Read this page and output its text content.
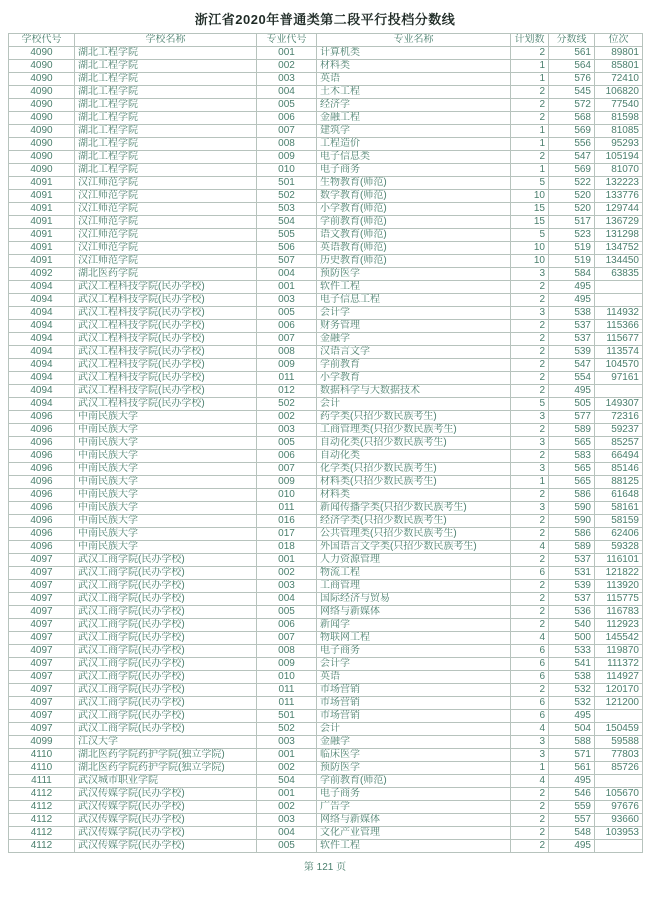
浙江省2020年普通类第二段平行投档分数线
学校代号	学校名称	专业代号	专业名称	计划数	分数线	位次
4090	湖北工程学院	001	计算机类	2	561	89801
4090	湖北工程学院	002	材料类	1	564	85801
4090	湖北工程学院	003	英语	1	576	72410
4090	湖北工程学院	004	土木工程	2	545	106820
4090	湖北工程学院	005	经济学	2	572	77540
4090	湖北工程学院	006	金融工程	2	568	81598
4090	湖北工程学院	007	建筑学	1	569	81085
4090	湖北工程学院	008	工程造价	1	556	95293
4090	湖北工程学院	009	电子信息类	2	547	105194
4090	湖北工程学院	010	电子商务	1	569	81070
4091	汉江师范学院	501	生物教育(师范)	5	522	132223
4091	汉江师范学院	502	数学教育(师范)	10	520	133776
4091	汉江师范学院	503	小学教育(师范)	15	520	129744
4091	汉江师范学院	504	学前教育(师范)	15	517	136729
4091	汉江师范学院	505	语文教育(师范)	5	523	131298
4091	汉江师范学院	506	英语教育(师范)	10	519	134752
4091	汉江师范学院	507	历史教育(师范)	10	519	134450
4092	湖北医药学院	004	预防医学	3	584	63835
4094	武汉工程科技学院(民办学校)	001	软件工程	2	495	
4094	武汉工程科技学院(民办学校)	003	电子信息工程	2	495	
4094	武汉工程科技学院(民办学校)	005	会计学	3	538	114932
4094	武汉工程科技学院(民办学校)	006	财务管理	2	537	115366
4094	武汉工程科技学院(民办学校)	007	金融学	2	537	115677
4094	武汉工程科技学院(民办学校)	008	汉语言文学	2	539	113574
4094	武汉工程科技学院(民办学校)	009	学前教育	2	547	104570
4094	武汉工程科技学院(民办学校)	011	小学教育	2	554	97161
4094	武汉工程科技学院(民办学校)	012	数据科学与大数据技术	2	495	
4094	武汉工程科技学院(民办学校)	502	会计	5	505	149307
4096	中南民族大学	002	药学类(只招少数民族考生)	3	577	72316
4096	中南民族大学	003	工商管理类(只招少数民族考生)	2	589	59237
4096	中南民族大学	005	自动化类(只招少数民族考生)	3	565	85257
4096	中南民族大学	006	自动化类	2	583	66494
4096	中南民族大学	007	化学类(只招少数民族考生)	3	565	85146
4096	中南民族大学	009	材料类(只招少数民族考生)	1	565	88125
4096	中南民族大学	010	材料类	2	586	61648
4096	中南民族大学	011	新闻传播学类(只招少数民族考生)	3	590	58161
4096	中南民族大学	016	经济学类(只招少数民族考生)	2	590	58159
4096	中南民族大学	017	公共管理类(只招少数民族考生)	2	586	62406
4096	中南民族大学	018	外国语言文学类(只招少数民族考生)	4	589	59328
4097	武汉工商学院(民办学校)	001	人力资源管理	2	537	116101
4097	武汉工商学院(民办学校)	002	物流工程	6	531	121822
4097	武汉工商学院(民办学校)	003	工商管理	2	539	113920
4097	武汉工商学院(民办学校)	004	国际经济与贸易	2	537	115775
4097	武汉工商学院(民办学校)	005	网络与新媒体	2	536	116783
4097	武汉工商学院(民办学校)	006	新闻学	2	540	112923
4097	武汉工商学院(民办学校)	007	物联网工程	4	500	145542
4097	武汉工商学院(民办学校)	008	电子商务	6	533	119870
4097	武汉工商学院(民办学校)	009	会计学	6	541	111372
4097	武汉工商学院(民办学校)	010	英语	6	538	114927
4097	武汉工商学院(民办学校)	011	市场营销	2	532	120170
4097	武汉工商学院(民办学校)	011	市场营销	6	532	121200
4097	武汉工商学院(民办学校)	501	市场营销	6	495	
4097	武汉工商学院(民办学校)	502	会计	4	504	150459
4099	江汉大学	003	金融学	3	588	59588
4110	湖北医药学院药护学院(独立学院)	001	临床医学	3	571	77803
4110	湖北医药学院药护学院(独立学院)	002	预防医学	1	561	85726
4111	武汉城市职业学院	504	学前教育(师范)	4	495	
4112	武汉传媒学院(民办学校)	001	电子商务	2	546	105670
4112	武汉传媒学院(民办学校)	002	广告学	2	559	97676
4112	武汉传媒学院(民办学校)	003	网络与新媒体	2	557	93660
4112	武汉传媒学院(民办学校)	004	文化产业管理	2	548	103953
4112	武汉传媒学院(民办学校)	005	软件工程	2	495	
第 121 页
